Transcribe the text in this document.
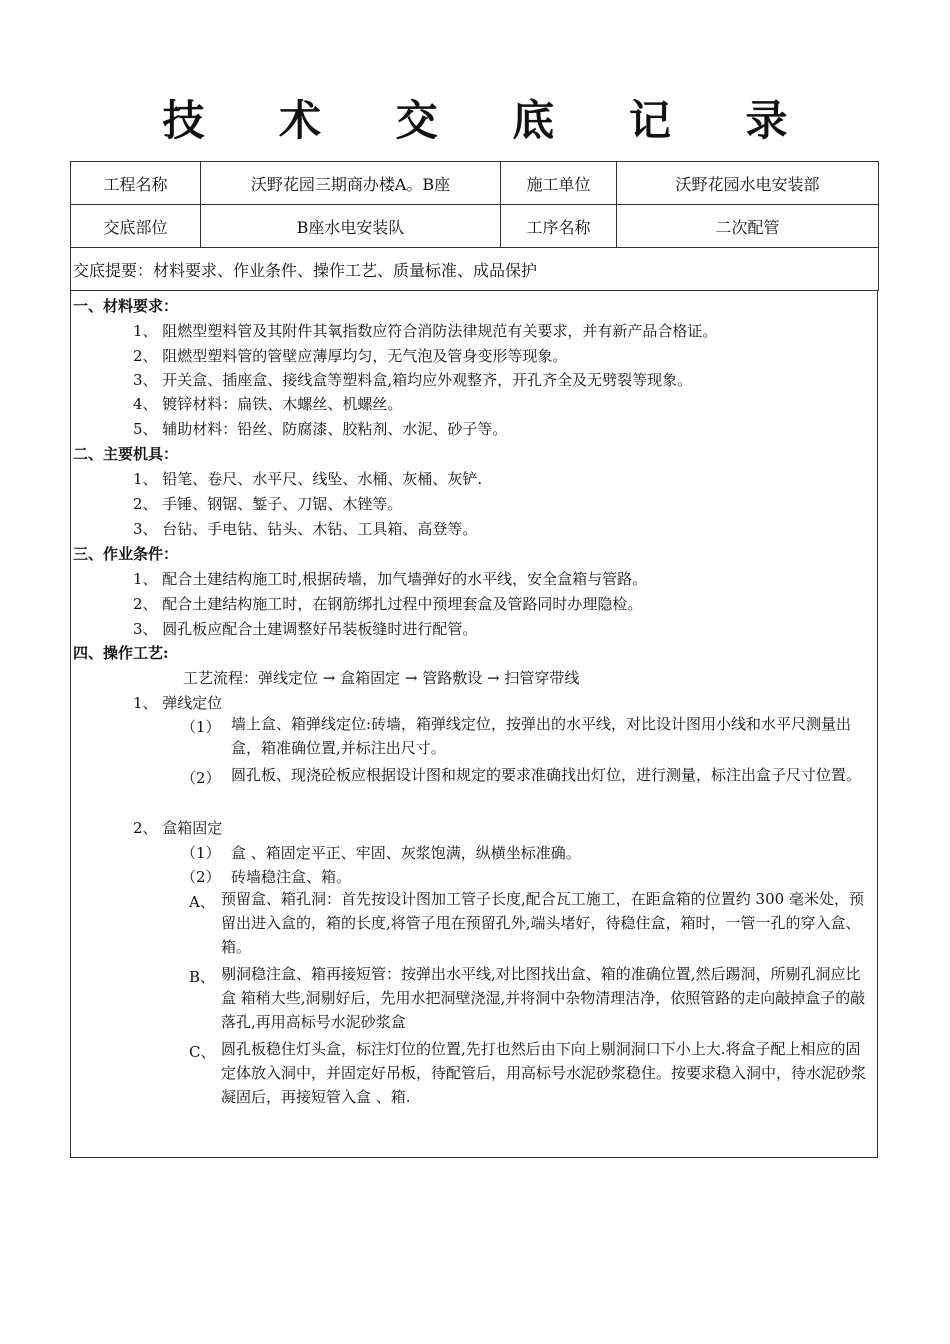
技 术 交 底 记 录
工程名称	沃野花园三期商办楼A。B座	施工单位	沃野花园水电安装部
交底部位	B座水电安装队	工序名称	二次配管
交底提要：材料要求、作业条件、操作工艺、质量标准、成品保护			
一、材料要求：
1、 阻燃型塑料管及其附件其氧指数应符合消防法律规范有关要求，并有新产品合格证。
2、 阻燃型塑料管的管壁应薄厚均匀，无气泡及管身变形等现象。
3、 开关盒、插座盒、接线盒等塑料盒,箱均应外观整齐，开孔齐全及无劈裂等现象。
4、 镀锌材料：扁铁、木螺丝、机螺丝。
5、 辅助材料：铅丝、防腐漆、胶粘剂、水泥、砂子等。
二、主要机具：
1、 铅笔、卷尺、水平尺、线坠、水桶、灰桶、灰铲.
2、 手锤、钢锯、錾子、刀锯、木锉等。
3、 台钻、手电钻、钻头、木钻、工具箱、高登等。
三、作业条件：
1、 配合土建结构施工时,根据砖墙，加气墙弹好的水平线，安全盒箱与管路。
2、 配合土建结构施工时，在钢筋绑扎过程中预埋套盒及管路同时办理隐检。
3、 圆孔板应配合土建调整好吊装板缝时进行配管。
四、操作工艺:
工艺流程：弹线定位 → 盒箱固定 → 管路敷设 → 扫管穿带线
1、 弹线定位
（1） 墙上盒、箱弹线定位:砖墙，箱弹线定位，按弹出的水平线，对比设计图用小线和水平尺测量出盒，箱准确位置,并标注出尺寸。
（2） 圆孔板、现浇砼板应根据设计图和规定的要求准确找出灯位，进行测量，标注出盒子尺寸位置。
2、 盒箱固定
（1） 盒 、箱固定平正、牢固、灰浆饱满，纵横坐标准确。
（2） 砖墙稳注盒、箱。
A、 预留盒、箱孔洞：首先按设计图加工管子长度,配合瓦工施工，在距盒箱的位置约 300 毫米处，预留出进入盒的，箱的长度,将管子甩在预留孔外,端头堵好，待稳住盒，箱时，一管一孔的穿入盒、箱。
B、 剔洞稳注盒、箱再接短管：按弹出水平线,对比图找出盒、箱的准确位置,然后踢洞，所剔孔洞应比盒 箱稍大些,洞剔好后，先用水把洞壁浇湿,并将洞中杂物清理洁净，依照管路的走向敲掉盒子的敲落孔,再用高标号水泥砂浆盒
C、 圆孔板稳住灯头盒，标注灯位的位置,先打也然后由下向上剔洞洞口下小上大.将盒子配上相应的固定体放入洞中，并固定好吊板，待配管后，用高标号水泥砂浆稳住。按要求稳入洞中，待水泥砂浆凝固后，再接短管入盒 、箱.
